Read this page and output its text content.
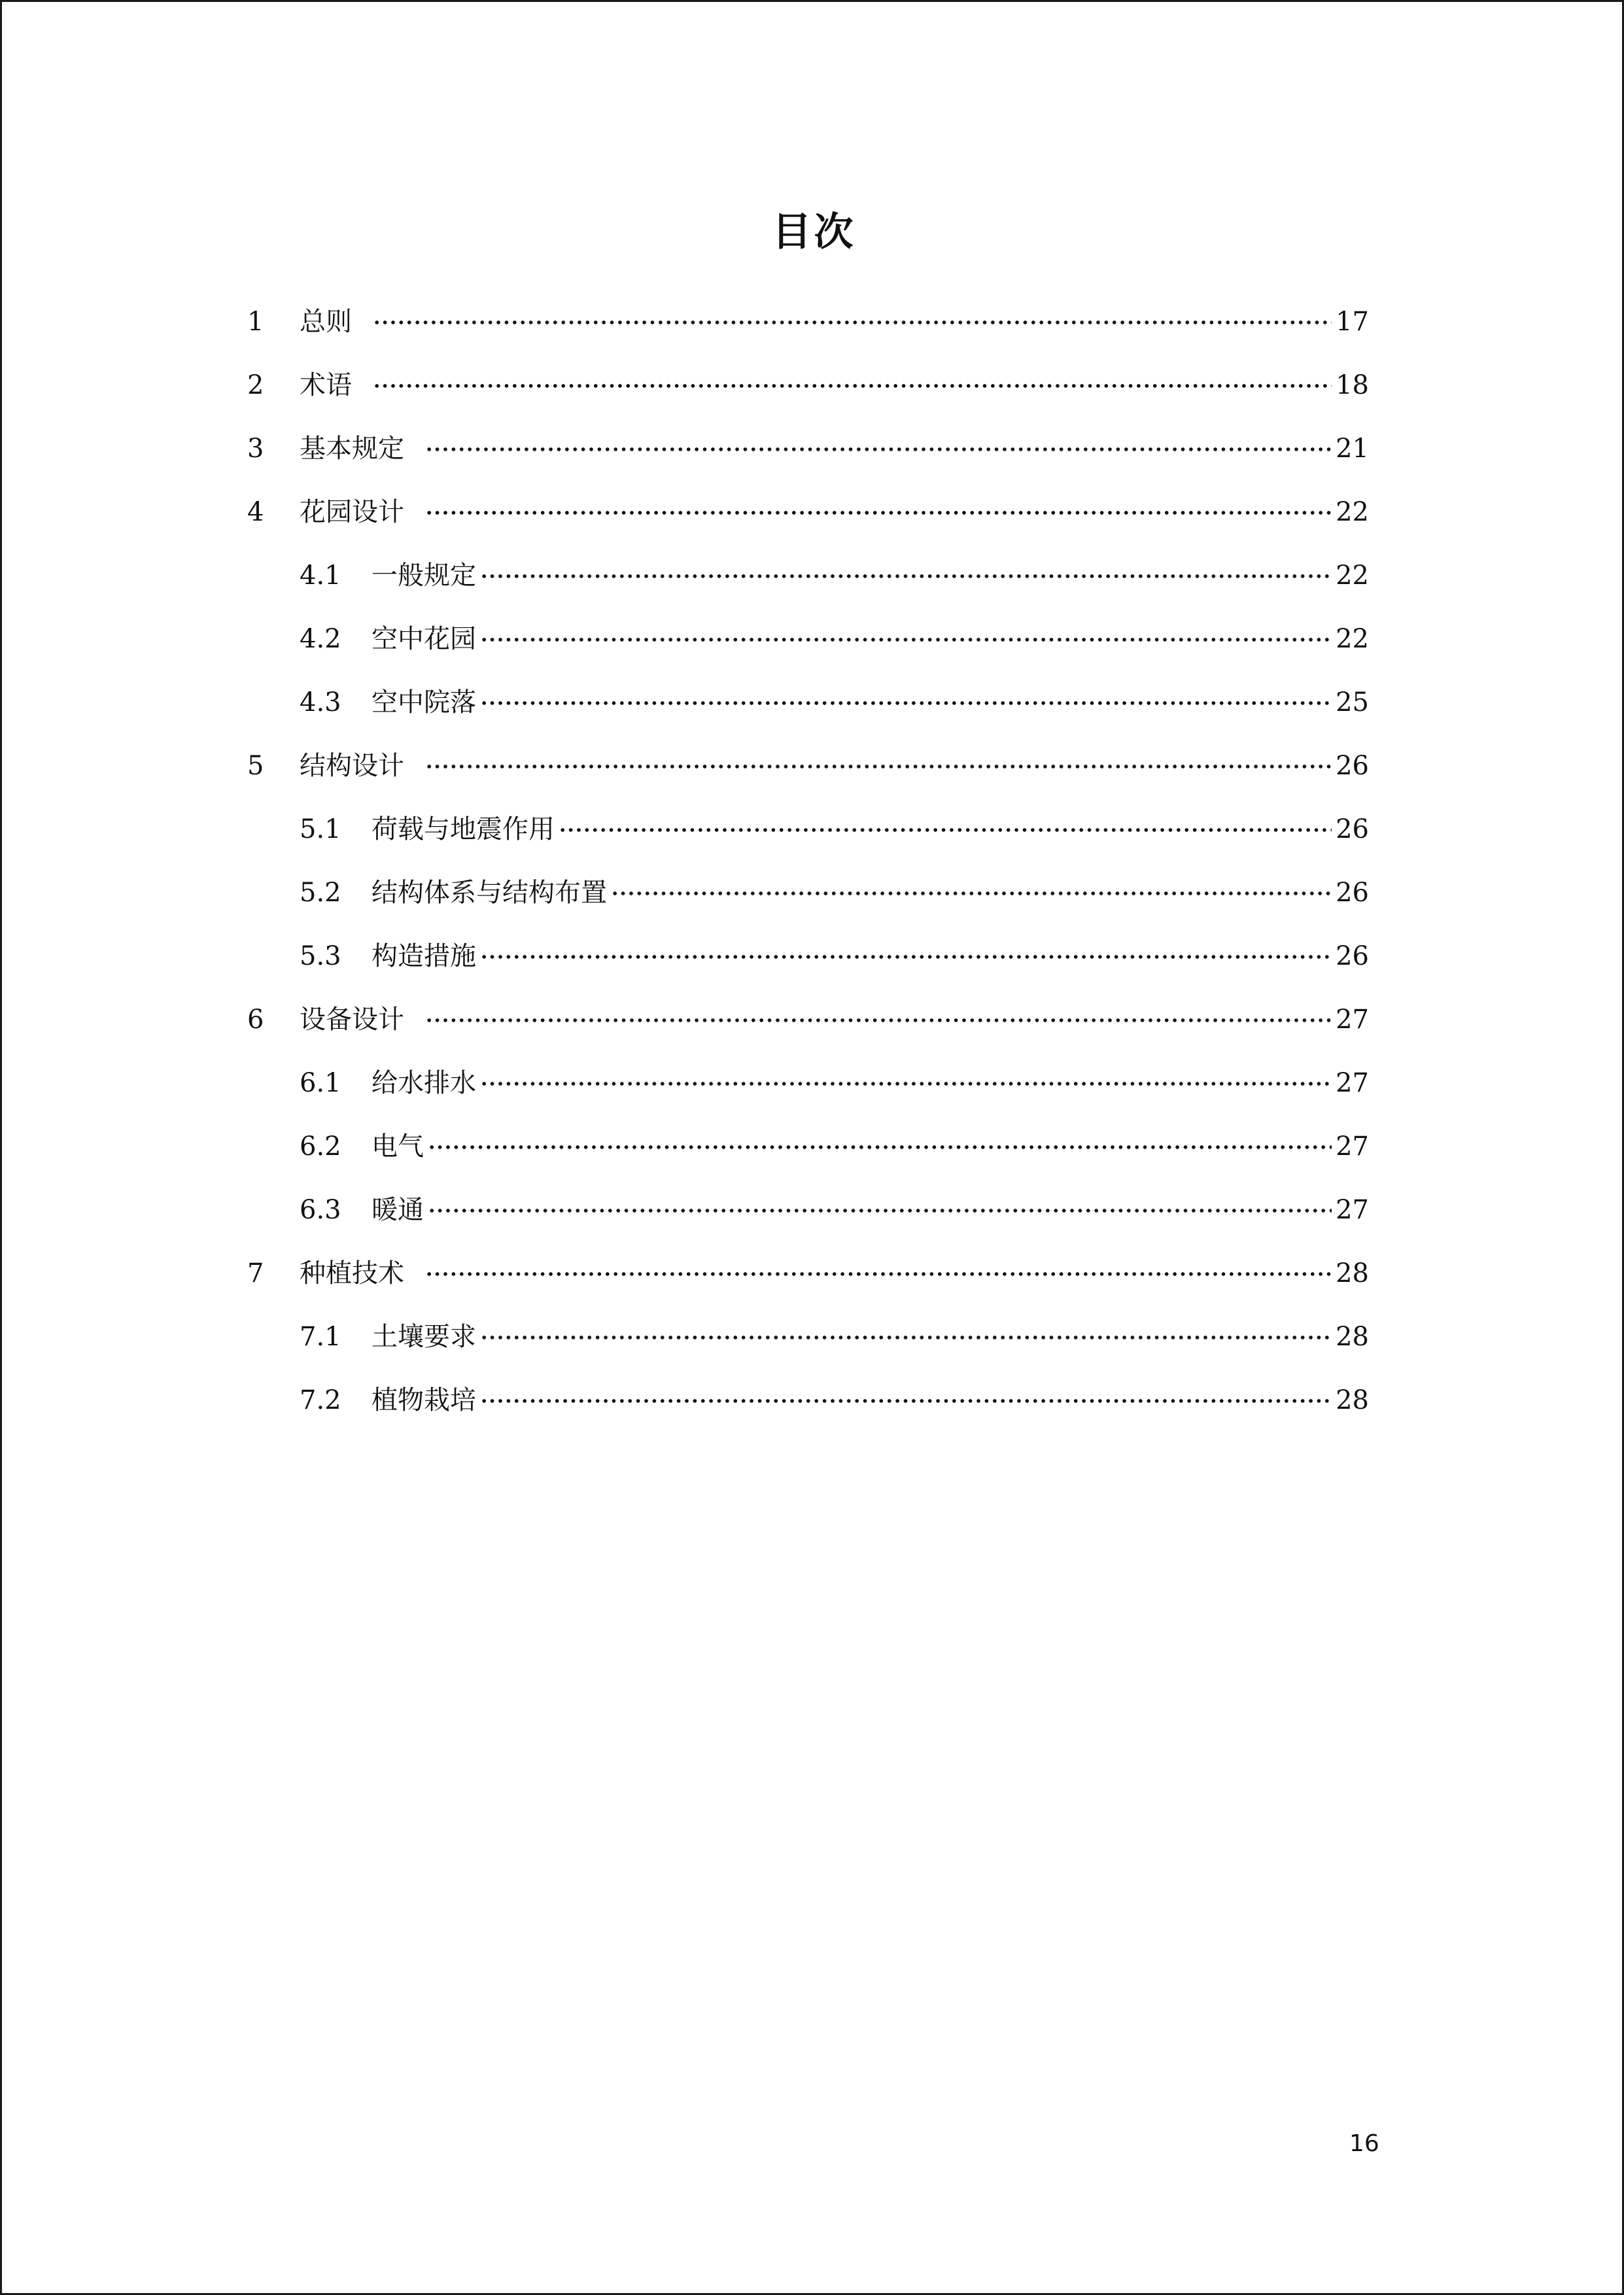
目次
1	总则	17
2	术语	18
3	基本规定	21
4	花园设计	22
4.1	一般规定	22
4.2	空中花园	22
4.3	空中院落	25
5	结构设计	26
5.1	荷载与地震作用	26
5.2	结构体系与结构布置	26
5.3	构造措施	26
6	设备设计	27
6.1	给水排水	27
6.2	电气	27
6.3	暖通	27
7	种植技术	28
7.1	土壤要求	28
7.2	植物栽培	28
16
